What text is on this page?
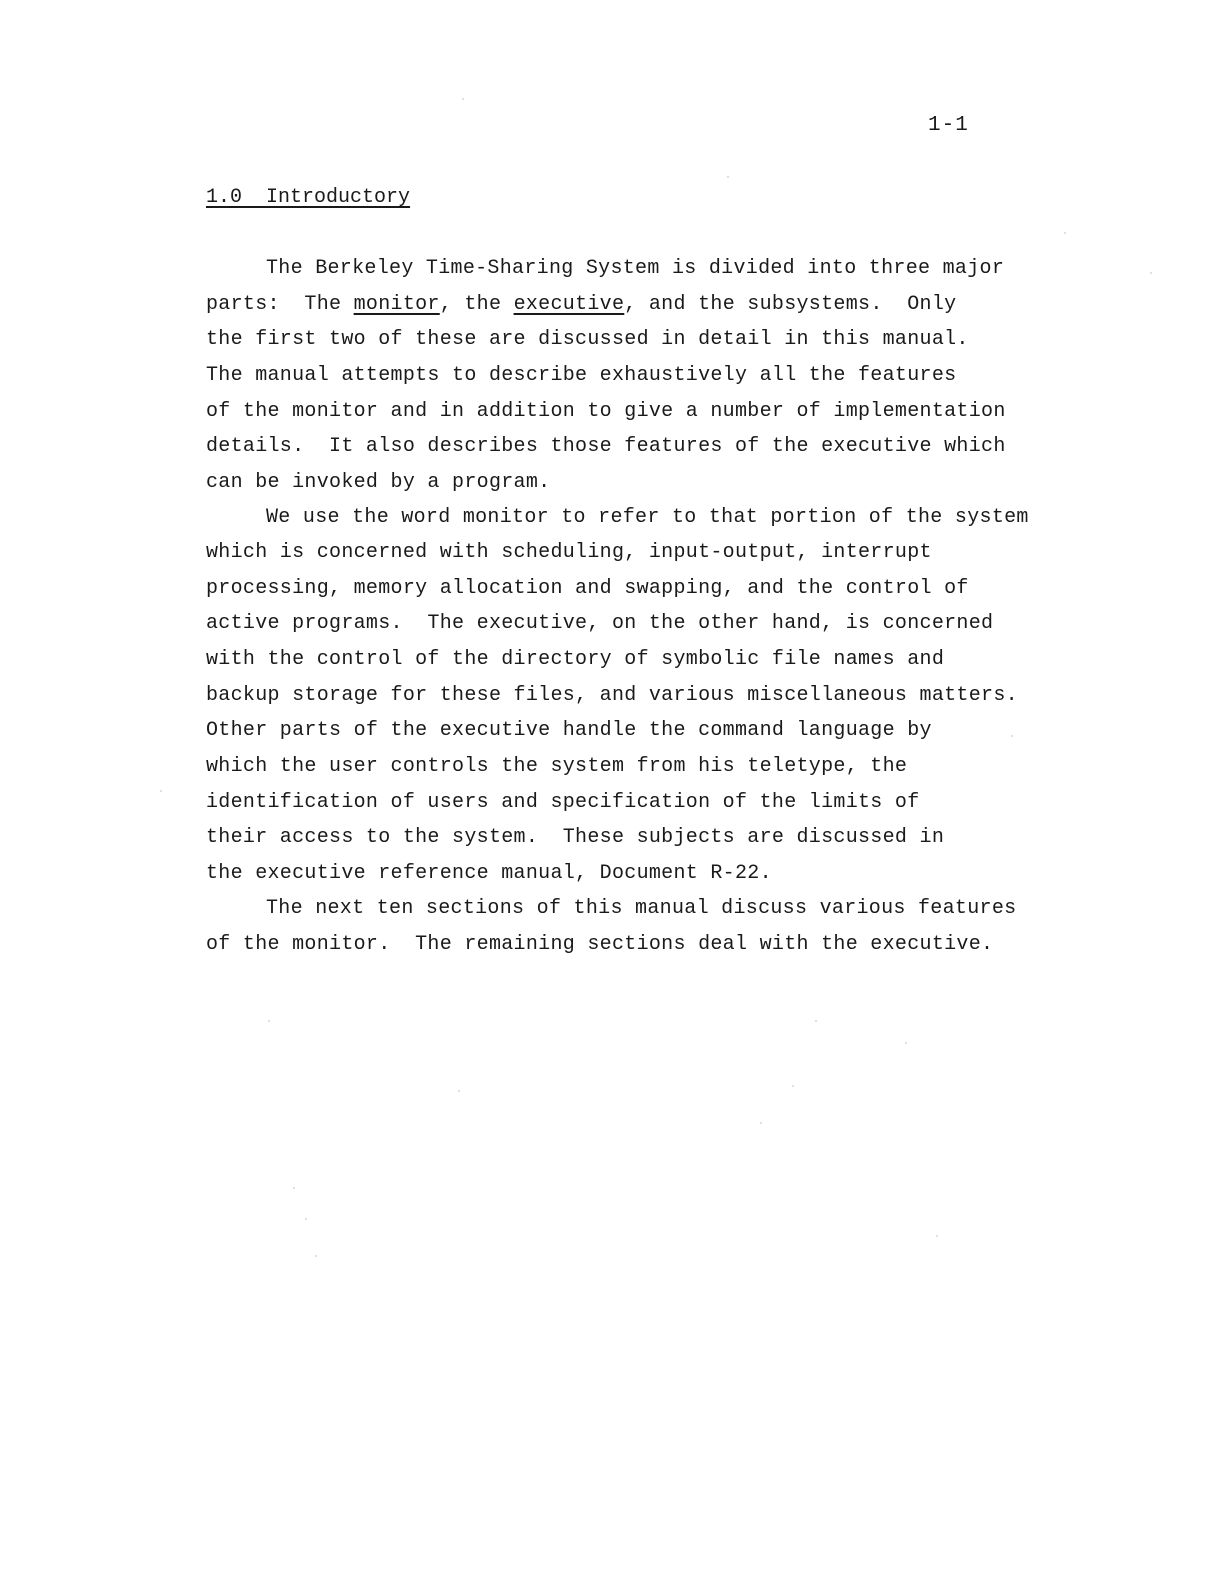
1-1
1.0 Introductory
The Berkeley Time-Sharing System is divided into three major
parts:  The monitor, the executive, and the subsystems.  Only
the first two of these are discussed in detail in this manual.
The manual attempts to describe exhaustively all the features
of the monitor and in addition to give a number of implementation
details.  It also describes those features of the executive which
can be invoked by a program.
We use the word monitor to refer to that portion of the system
which is concerned with scheduling, input-output, interrupt
processing, memory allocation and swapping, and the control of
active programs.  The executive, on the other hand, is concerned
with the control of the directory of symbolic file names and
backup storage for these files, and various miscellaneous matters.
Other parts of the executive handle the command language by
which the user controls the system from his teletype, the
identification of users and specification of the limits of
their access to the system.  These subjects are discussed in
the executive reference manual, Document R-22.
The next ten sections of this manual discuss various features
of the monitor.  The remaining sections deal with the executive.
